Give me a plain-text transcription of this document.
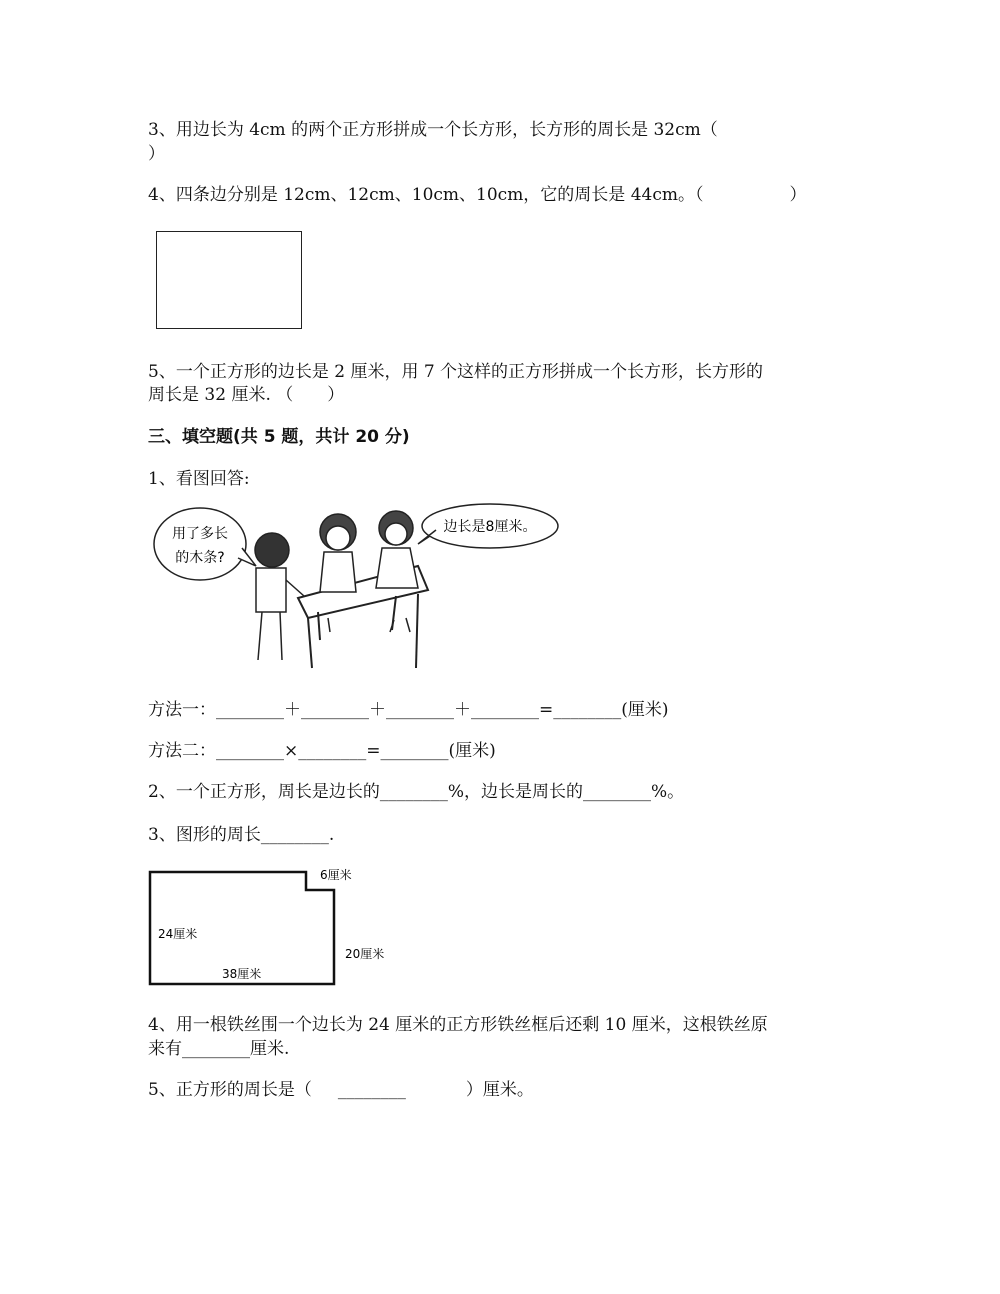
3、用边长为 4cm 的两个正方形拼成一个长方形，长方形的周长是 32cm（
）
4、四条边分别是 12cm、12cm、10cm、10cm，它的周长是 44cm。（	）
5、一个正方形的边长是 2 厘米，用 7 个这样的正方形拼成一个长方形，长方形的
周长是 32 厘米. （　　）
三、填空题(共 5 题，共计 20 分)
1、看图回答:
用了多长
的木条?
边长是8厘米。
方法一：________＋________＋________＋________=________(厘米)
方法二：________×________=________(厘米)
2、一个正方形，周长是边长的________%，边长是周长的________%。
3、图形的周长________.
6厘米
24厘米
20厘米
38厘米
4、用一根铁丝围一个边长为 24 厘米的正方形铁丝框后还剩 10 厘米，这根铁丝原
来有________厘米.
5、正方形的周长是（ ________	）厘米。
